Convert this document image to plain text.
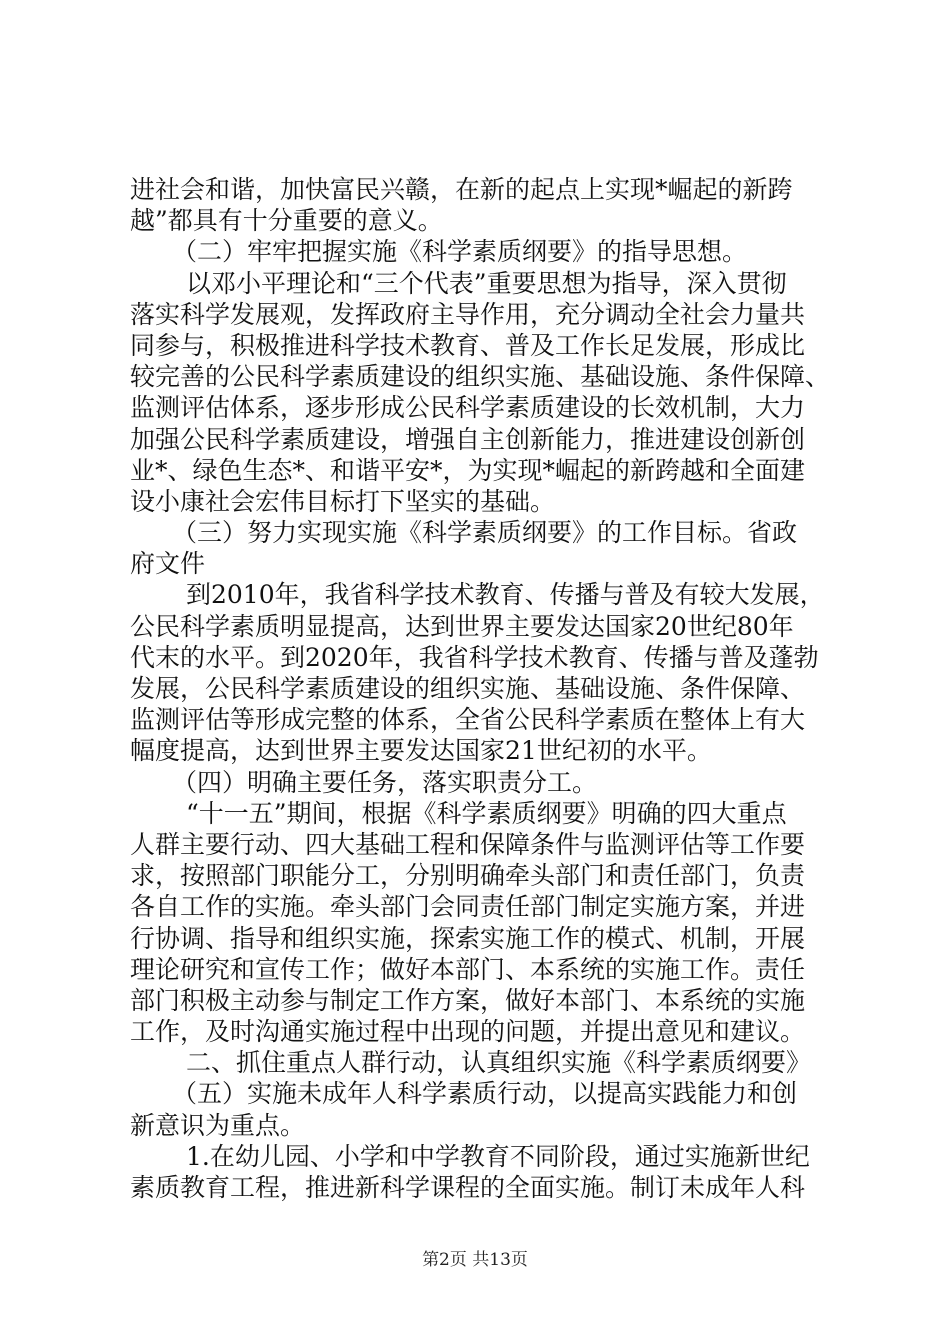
进社会和谐，加快富民兴赣，在新的起点上实现*崛起的新跨
越”都具有十分重要的意义。
（二）牢牢把握实施《科学素质纲要》的指导思想。
以邓小平理论和“三个代表”重要思想为指导，深入贯彻
落实科学发展观，发挥政府主导作用，充分调动全社会力量共
同参与，积极推进科学技术教育、普及工作长足发展，形成比
较完善的公民科学素质建设的组织实施、基础设施、条件保障、
监测评估体系，逐步形成公民科学素质建设的长效机制，大力
加强公民科学素质建设，增强自主创新能力，推进建设创新创
业*、绿色生态*、和谐平安*，为实现*崛起的新跨越和全面建
设小康社会宏伟目标打下坚实的基础。
（三）努力实现实施《科学素质纲要》的工作目标。省政
府文件
到2010年，我省科学技术教育、传播与普及有较大发展，
公民科学素质明显提高，达到世界主要发达国家20世纪80年
代末的水平。到2020年，我省科学技术教育、传播与普及蓬勃
发展，公民科学素质建设的组织实施、基础设施、条件保障、
监测评估等形成完整的体系，全省公民科学素质在整体上有大
幅度提高，达到世界主要发达国家21世纪初的水平。
（四）明确主要任务，落实职责分工。
“十一五”期间，根据《科学素质纲要》明确的四大重点
人群主要行动、四大基础工程和保障条件与监测评估等工作要
求，按照部门职能分工，分别明确牵头部门和责任部门，负责
各自工作的实施。牵头部门会同责任部门制定实施方案，并进
行协调、指导和组织实施，探索实施工作的模式、机制，开展
理论研究和宣传工作；做好本部门、本系统的实施工作。责任
部门积极主动参与制定工作方案，做好本部门、本系统的实施
工作，及时沟通实施过程中出现的问题，并提出意见和建议。
二、抓住重点人群行动，认真组织实施《科学素质纲要》
（五）实施未成年人科学素质行动，以提高实践能力和创
新意识为重点。
1.在幼儿园、小学和中学教育不同阶段，通过实施新世纪
素质教育工程，推进新科学课程的全面实施。制订未成年人科
第2页 共13页
